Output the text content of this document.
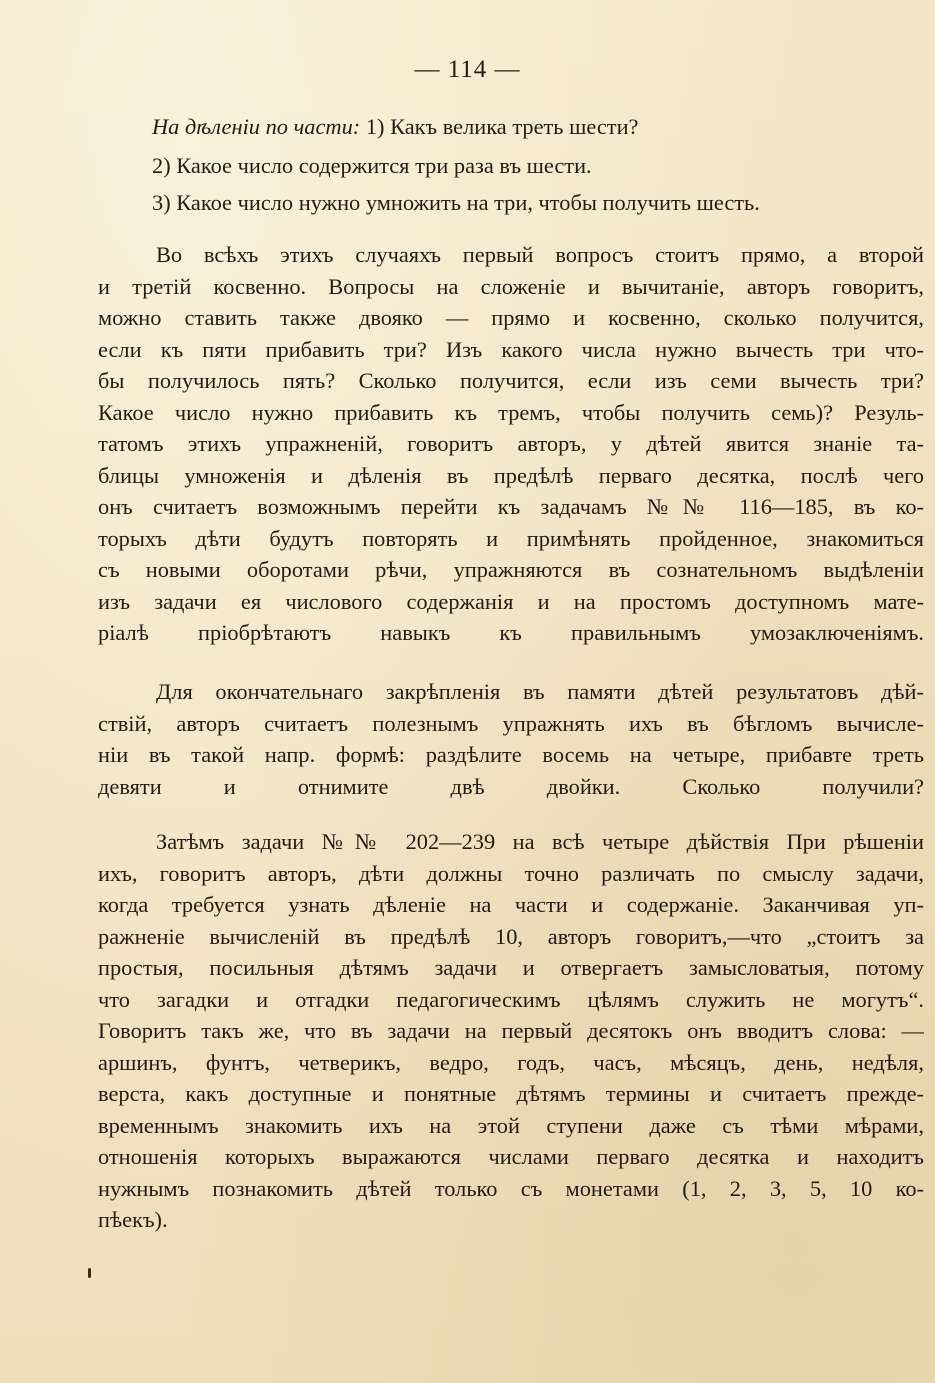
— 114 —
На дѣленіи по части: 1) Какъ велика треть шести?
2) Какое число содержится три раза въ шести.
3) Какое число нужно умножить на три, чтобы получить шесть.
Во всѣхъ этихъ случаяхъ первый вопросъ стоитъ прямо, а второй
и третій косвенно. Вопросы на сложеніе и вычитаніе, авторъ говоритъ,
можно ставить также двояко — прямо и косвенно, сколько получится,
если къ пяти прибавить три? Изъ какого числа нужно вычесть три что-
бы получилось пять? Сколько получится, если изъ семи вычесть три?
Какое число нужно прибавить къ тремъ, чтобы получить семь)? Резуль-
татомъ этихъ упражненій, говоритъ авторъ, у дѣтей явится знаніе та-
блицы умноженія и дѣленія въ предѣлѣ перваго десятка, послѣ чего
онъ считаетъ возможнымъ перейти къ задачамъ №№ 116—185, въ ко-
торыхъ дѣти будутъ повторять и примѣнять пройденное, знакомиться
съ новыми оборотами рѣчи, упражняются въ сознательномъ выдѣленіи
изъ задачи ея числового содержанія и на простомъ доступномъ мате-
ріалѣ пріобрѣтаютъ навыкъ къ правильнымъ умозаключеніямъ.
Для окончательнаго закрѣпленія въ памяти дѣтей результатовъ дѣй-
ствій, авторъ считаетъ полезнымъ упражнять ихъ въ бѣгломъ вычисле-
ніи въ такой напр. формѣ: раздѣлите восемь на четыре, прибавте треть
девяти и отнимите двѣ двойки. Сколько получили?
Затѣмъ задачи №№ 202—239 на всѣ четыре дѣйствія При рѣшеніи
ихъ, говоритъ авторъ, дѣти должны точно различать по смыслу задачи,
когда требуется узнать дѣленіе на части и содержаніе. Заканчивая уп-
ражненіе вычисленій въ предѣлѣ 10, авторъ говоритъ,—что „стоитъ за
простыя, посильныя дѣтямъ задачи и отвергаетъ замысловатыя, потому
что загадки и отгадки педагогическимъ цѣлямъ служить не могутъ“.
Говоритъ такъ же, что въ задачи на первый десятокъ онъ вводитъ слова: —
аршинъ, фунтъ, четверикъ, ведро, годъ, часъ, мѣсяцъ, день, недѣля,
верста, какъ доступные и понятные дѣтямъ термины и считаетъ прежде-
временнымъ знакомить ихъ на этой ступени даже съ тѣми мѣрами,
отношенія которыхъ выражаются числами перваго десятка и находитъ
нужнымъ познакомить дѣтей только съ монетами (1, 2, 3, 5, 10 ко-
пѣекъ).
